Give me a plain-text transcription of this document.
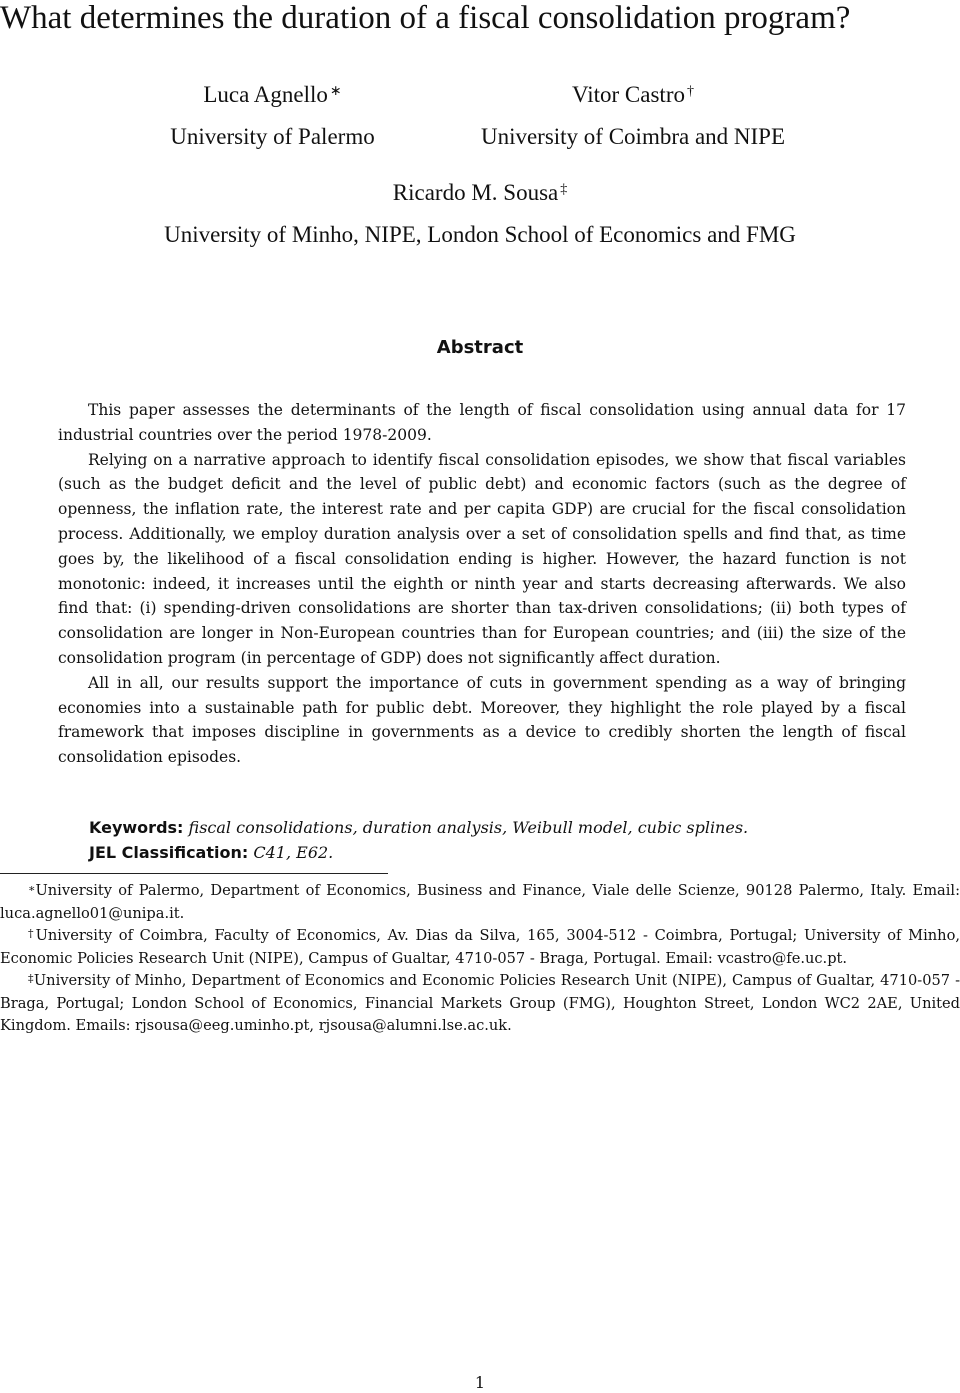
What determines the duration of a fiscal consolidation program?
Luca Agnello ∗
University of Palermo
Vitor Castro †
University of Coimbra and NIPE
Ricardo M. Sousa ‡
University of Minho, NIPE, London School of Economics and FMG
Abstract

This paper assesses the determinants of the length of fiscal consolidation using annual data for 17 industrial countries over the period 1978-2009.

Relying on a narrative approach to identify fiscal consolidation episodes, we show that fiscal variables (such as the budget deficit and the level of public debt) and economic factors (such as the degree of openness, the inflation rate, the interest rate and per capita GDP) are crucial for the fiscal consolidation process. Additionally, we employ duration analysis over a set of consolidation spells and find that, as time goes by, the likelihood of a fiscal consolidation ending is higher. However, the hazard function is not monotonic: indeed, it increases until the eighth or ninth year and starts decreasing afterwards. We also find that: (i) spending-driven consolidations are shorter than tax-driven consolidations; (ii) both types of consolidation are longer in Non-European countries than for European countries; and (iii) the size of the consolidation program (in percentage of GDP) does not significantly affect duration.

All in all, our results support the importance of cuts in government spending as a way of bringing economies into a sustainable path for public debt. Moreover, they highlight the role played by a fiscal framework that imposes discipline in governments as a device to credibly shorten the length of fiscal consolidation episodes.

Keywords: fiscal consolidations, duration analysis, Weibull model, cubic splines.
JEL Classification: C41, E62.

∗University of Palermo, Department of Economics, Business and Finance, Viale delle Scienze, 90128 Palermo, Italy. Email: luca.agnello01@unipa.it.

†University of Coimbra, Faculty of Economics, Av. Dias da Silva, 165, 3004-512 - Coimbra, Portugal; University of Minho, Economic Policies Research Unit (NIPE), Campus of Gualtar, 4710-057 - Braga, Portugal. Email: vcastro@fe.uc.pt.

‡University of Minho, Department of Economics and Economic Policies Research Unit (NIPE), Campus of Gualtar, 4710-057 - Braga, Portugal; London School of Economics, Financial Markets Group (FMG), Houghton Street, London WC2 2AE, United Kingdom. Emails: rjsousa@eeg.uminho.pt, rjsousa@alumni.lse.ac.uk.

1
